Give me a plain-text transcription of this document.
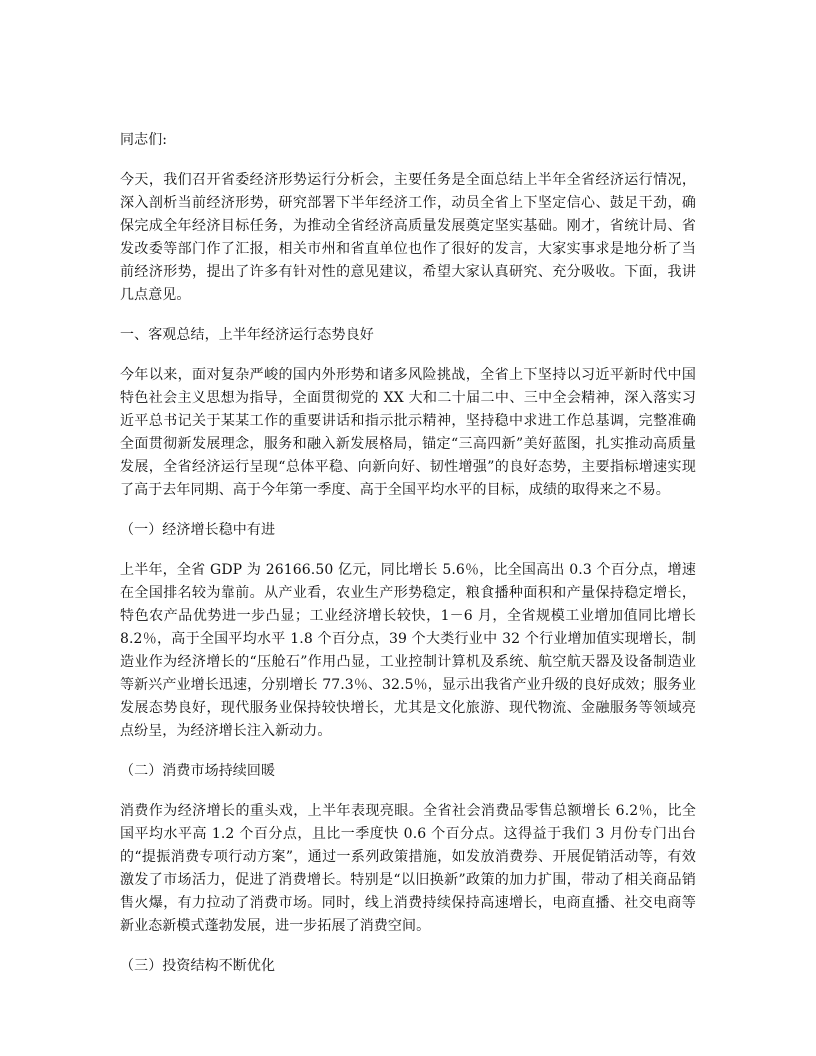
同志们:

今天，我们召开省委经济形势运行分析会，主要任务是全面总结上半年全省经济运行情况，深入剖析当前经济形势，研究部署下半年经济工作，动员全省上下坚定信心、鼓足干劲，确保完成全年经济目标任务，为推动全省经济高质量发展奠定坚实基础。刚才，省统计局、省发改委等部门作了汇报，相关市州和省直单位也作了很好的发言，大家实事求是地分析了当前经济形势，提出了许多有针对性的意见建议，希望大家认真研究、充分吸收。下面，我讲几点意见。

一、客观总结，上半年经济运行态势良好

今年以来，面对复杂严峻的国内外形势和诸多风险挑战，全省上下坚持以习近平新时代中国特色社会主义思想为指导，全面贯彻党的 XX 大和二十届二中、三中全会精神，深入落实习近平总书记关于某某工作的重要讲话和指示批示精神，坚持稳中求进工作总基调，完整准确全面贯彻新发展理念，服务和融入新发展格局，锚定“三高四新”美好蓝图，扎实推动高质量发展，全省经济运行呈现“总体平稳、向新向好、韧性增强”的良好态势，主要指标增速实现了高于去年同期、高于今年第一季度、高于全国平均水平的目标，成绩的取得来之不易。

（一）经济增长稳中有进

上半年，全省 GDP 为 26166.50 亿元，同比增长 5.6％，比全国高出 0.3 个百分点，增速在全国排名较为靠前。从产业看，农业生产形势稳定，粮食播种面积和产量保持稳定增长，特色农产品优势进一步凸显；工业经济增长较快，1－6 月，全省规模工业增加值同比增长 8.2％，高于全国平均水平 1.8 个百分点，39 个大类行业中 32 个行业增加值实现增长，制造业作为经济增长的“压舱石”作用凸显，工业控制计算机及系统、航空航天器及设备制造业等新兴产业增长迅速，分别增长 77.3％、32.5％，显示出我省产业升级的良好成效；服务业发展态势良好，现代服务业保持较快增长，尤其是文化旅游、现代物流、金融服务等领域亮点纷呈，为经济增长注入新动力。

（二）消费市场持续回暖

消费作为经济增长的重头戏，上半年表现亮眼。全省社会消费品零售总额增长 6.2％，比全国平均水平高 1.2 个百分点，且比一季度快 0.6 个百分点。这得益于我们 3 月份专门出台的“提振消费专项行动方案”，通过一系列政策措施，如发放消费券、开展促销活动等，有效激发了市场活力，促进了消费增长。特别是“以旧换新”政策的加力扩围，带动了相关商品销售火爆，有力拉动了消费市场。同时，线上消费持续保持高速增长，电商直播、社交电商等新业态新模式蓬勃发展，进一步拓展了消费空间。

（三）投资结构不断优化
